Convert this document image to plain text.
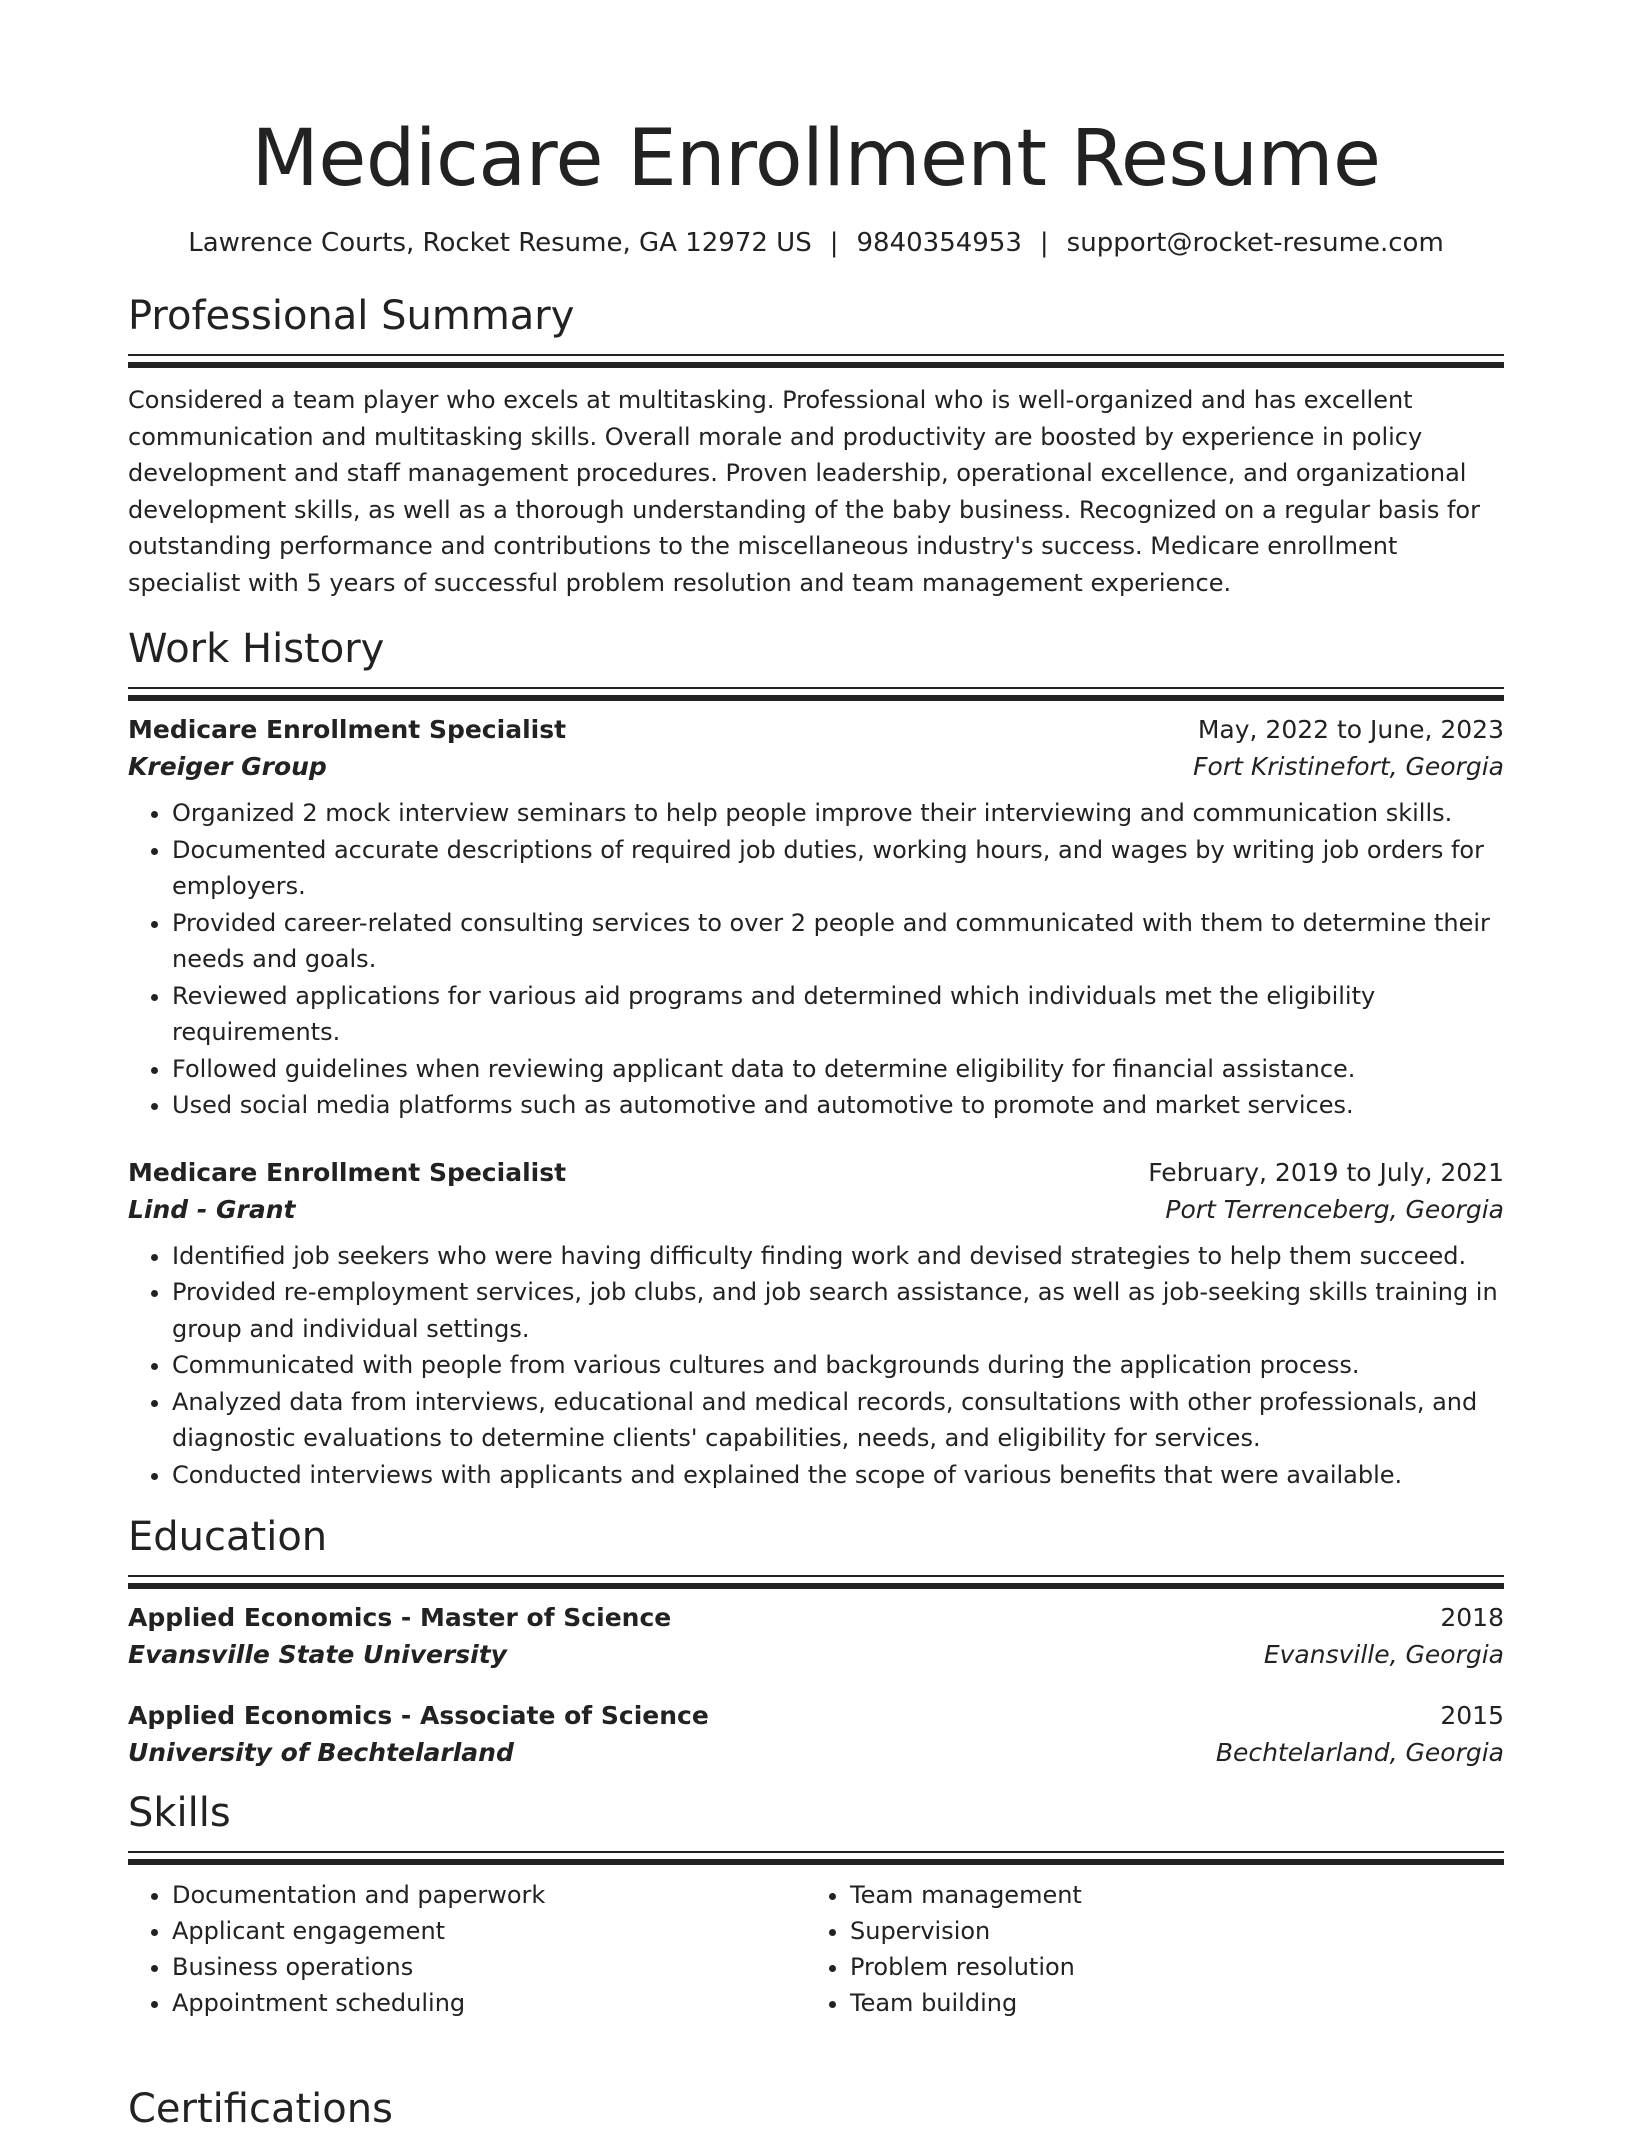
Medicare Enrollment Resume
Lawrence Courts, Rocket Resume, GA 12972 US | 9840354953 | support@rocket-resume.com
Professional Summary

Considered a team player who excels at multitasking. Professional who is well-organized and has excellent communication and multitasking skills. Overall morale and productivity are boosted by experience in policy development and staff management procedures. Proven leadership, operational excellence, and organizational development skills, as well as a thorough understanding of the baby business. Recognized on a regular basis for outstanding performance and contributions to the miscellaneous industry's success. Medicare enrollment specialist with 5 years of successful problem resolution and team management experience.

Work History
Medicare Enrollment Specialist	May, 2022 to June, 2023
Kreiger Group	Fort Kristinefort, Georgia
• Organized 2 mock interview seminars to help people improve their interviewing and communication skills.
• Documented accurate descriptions of required job duties, working hours, and wages by writing job orders for employers.
• Provided career-related consulting services to over 2 people and communicated with them to determine their needs and goals.
• Reviewed applications for various aid programs and determined which individuals met the eligibility requirements.
• Followed guidelines when reviewing applicant data to determine eligibility for financial assistance.
• Used social media platforms such as automotive and automotive to promote and market services.
Medicare Enrollment Specialist	February, 2019 to July, 2021
Lind - Grant	Port Terrenceberg, Georgia
• Identified job seekers who were having difficulty finding work and devised strategies to help them succeed.
• Provided re-employment services, job clubs, and job search assistance, as well as job-seeking skills training in group and individual settings.
• Communicated with people from various cultures and backgrounds during the application process.
• Analyzed data from interviews, educational and medical records, consultations with other professionals, and diagnostic evaluations to determine clients' capabilities, needs, and eligibility for services.
• Conducted interviews with applicants and explained the scope of various benefits that were available.
Education
Applied Economics - Master of Science	2018
Evansville State University	Evansville, Georgia
Applied Economics - Associate of Science	2015
University of Bechtelarland	Bechtelarland, Georgia
Skills
• Documentation and paperwork
• Applicant engagement
• Business operations
• Appointment scheduling
• Team management
• Supervision
• Problem resolution
• Team building
Certifications
